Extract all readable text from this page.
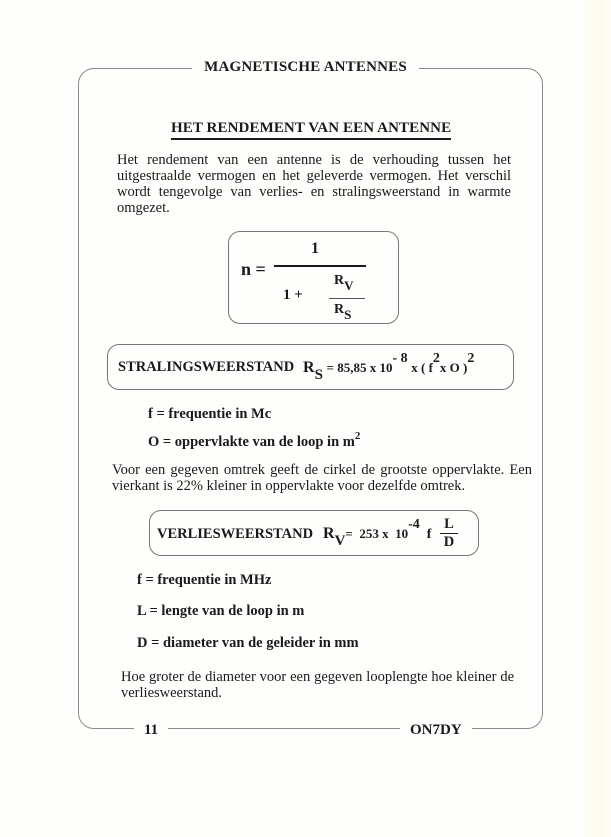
MAGNETISCHE ANTENNES
HET RENDEMENT VAN EEN ANTENNE
Het rendement van een antenne is de verhouding tussen het uitgestraalde vermogen en het geleverde vermogen. Het verschil wordt tengevolge van verlies- en stralingsweerstand in warmte omgezet.
n =
1
1 +
RV
RS
STRALINGSWEERSTAND RS = 85,85 x 10- 8 x ( f2x O )2
f = frequentie in Mc
O = oppervlakte van de loop in $m^2$
Voor een gegeven omtrek geeft de cirkel de grootste oppervlakte. Een vierkant is 22% kleiner in oppervlakte voor dezelfde omtrek.
VERLIESWEERSTAND RV=  253 x  10-4  f
L
D
f = frequentie in MHz
L = lengte van de loop in m
D = diameter van de geleider in mm
Hoe groter de diameter voor een gegeven looplengte hoe kleiner de verliesweerstand.
11	ON7DY
